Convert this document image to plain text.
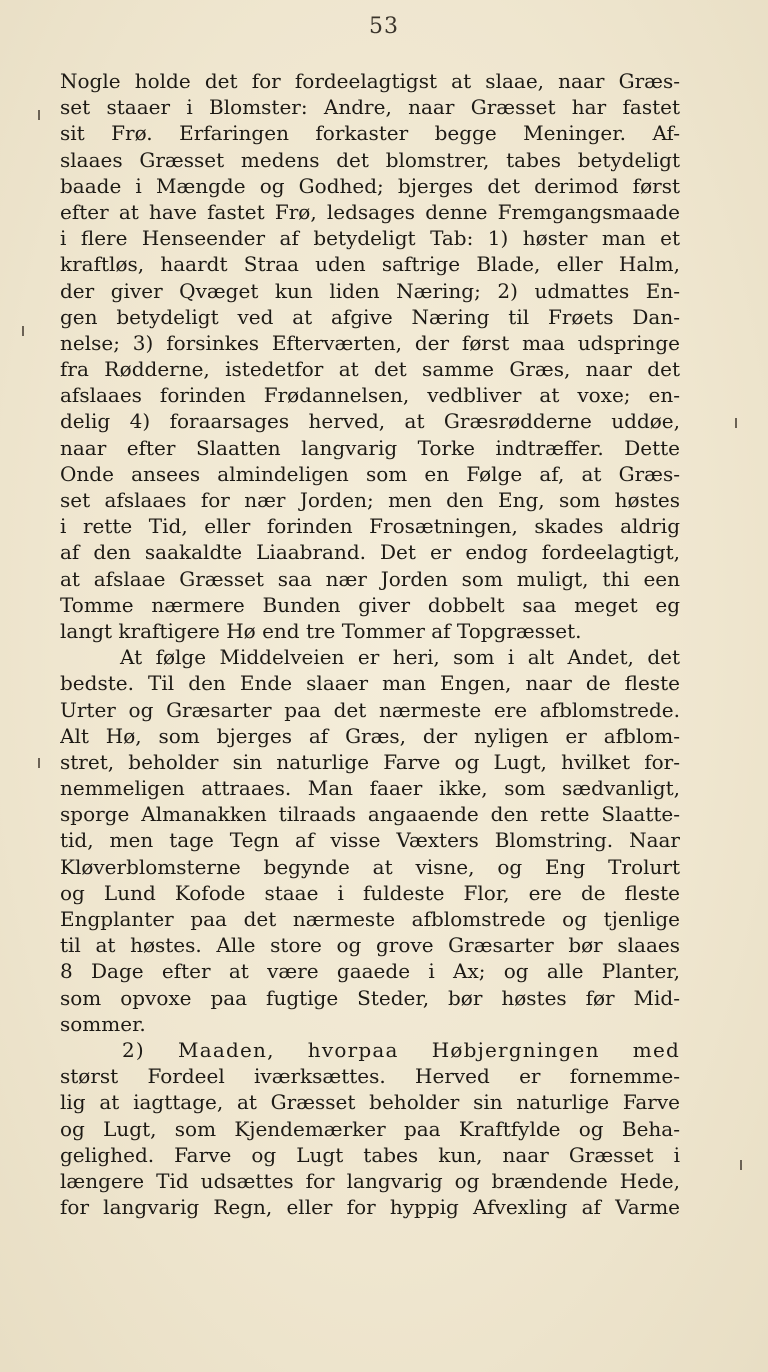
53
Nogle holde det for fordeelagtigst at slaae, naar Græs-
set staaer i Blomster: Andre, naar Græsset har fastet
sit Frø. Erfaringen forkaster begge Meninger. Af-
slaaes Græsset medens det blomstrer, tabes betydeligt
baade i Mængde og Godhed; bjerges det derimod først
efter at have fastet Frø, ledsages denne Fremgangsmaade
i flere Henseender af betydeligt Tab: 1) høster man et
kraftløs, haardt Straa uden saftrige Blade, eller Halm,
der giver Qvæget kun liden Næring; 2) udmattes En-
gen betydeligt ved at afgive Næring til Frøets Dan-
nelse; 3) forsinkes Efterværten, der først maa udspringe
fra Rødderne, istedetfor at det samme Græs, naar det
afslaaes forinden Frødannelsen, vedbliver at voxe; en-
delig 4) foraarsages herved, at Græsrødderne uddøe,
naar efter Slaatten langvarig Torke indtræffer. Dette
Onde ansees almindeligen som en Følge af, at Græs-
set afslaaes for nær Jorden; men den Eng, som høstes
i rette Tid, eller forinden Frosætningen, skades aldrig
af den saakaldte Liaabrand. Det er endog fordeelagtigt,
at afslaae Græsset saa nær Jorden som muligt, thi een
Tomme nærmere Bunden giver dobbelt saa meget eg
langt kraftigere Hø end tre Tommer af Topgræsset.
At følge Middelveien er heri, som i alt Andet, det
bedste. Til den Ende slaaer man Engen, naar de fleste
Urter og Græsarter paa det nærmeste ere afblomstrede.
Alt Hø, som bjerges af Græs, der nyligen er afblom-
stret, beholder sin naturlige Farve og Lugt, hvilket for-
nemmeligen attraaes. Man faaer ikke, som sædvanligt,
sporge Almanakken tilraads angaaende den rette Slaatte-
tid, men tage Tegn af visse Væxters Blomstring. Naar
Kløverblomsterne begynde at visne, og Eng Trolurt
og Lund Kofode staae i fuldeste Flor, ere de fleste
Engplanter paa det nærmeste afblomstrede og tjenlige
til at høstes. Alle store og grove Græsarter bør slaaes
8 Dage efter at være gaaede i Ax; og alle Planter,
som opvoxe paa fugtige Steder, bør høstes før Mid-
sommer.
2) Maaden, hvorpaa Høbjergningen med
størst Fordeel iværksættes. Herved er fornemme-
lig at iagttage, at Græsset beholder sin naturlige Farve
og Lugt, som Kjendemærker paa Kraftfylde og Beha-
gelighed. Farve og Lugt tabes kun, naar Græsset i
længere Tid udsættes for langvarig og brændende Hede,
for langvarig Regn, eller for hyppig Afvexling af Varme
